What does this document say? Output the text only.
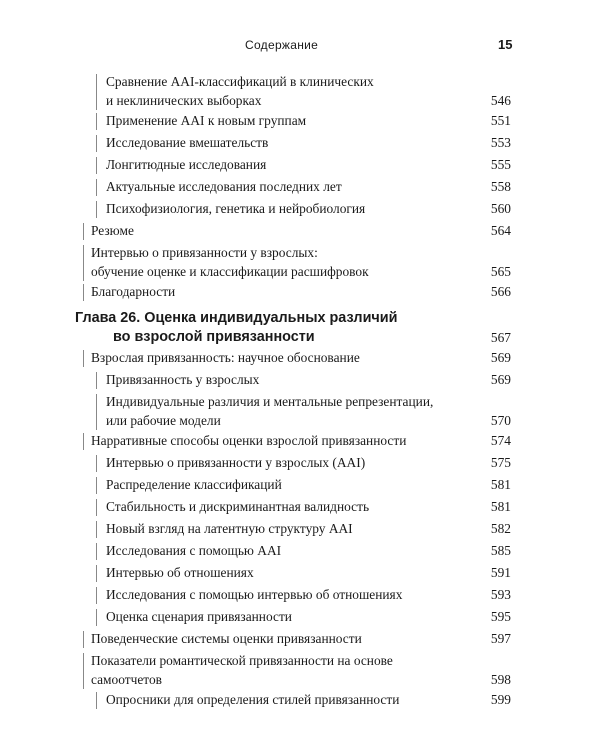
Содержание	15
Сравнение AAI-классификаций в клинических
и неклинических выборках	546
Применение AAI к новым группам	551
Исследование вмешательств	553
Лонгитюдные исследования	555
Актуальные исследования последних лет	558
Психофизиология, генетика и нейробиология	560
Резюме	564
Интервью о привязанности у взрослых:
обучение оценке и классификации расшифровок	565
Благодарности	566
Глава 26. Оценка индивидуальных различий
во взрослой привязанности	567
Взрослая привязанность: научное обоснование	569
Привязанность у взрослых	569
Индивидуальные различия и ментальные репрезентации,
или рабочие модели	570
Нарративные способы оценки взрослой привязанности	574
Интервью о привязанности у взрослых (AAI)	575
Распределение классификаций	581
Стабильность и дискриминантная валидность	581
Новый взгляд на латентную структуру AAI	582
Исследования с помощью AAI	585
Интервью об отношениях	591
Исследования с помощью интервью об отношениях	593
Оценка сценария привязанности	595
Поведенческие системы оценки привязанности	597
Показатели романтической привязанности на основе
самоотчетов	598
Опросники для определения стилей привязанности	599
